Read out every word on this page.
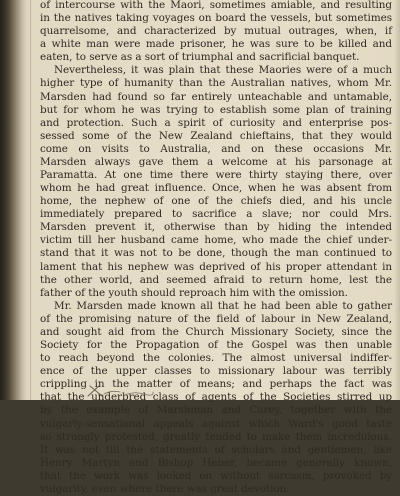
of intercourse with the Maori, sometimes amiable, and resulting
in the natives taking voyages on board the vessels, but sometimes
quarrelsome, and characterized by mutual outrages, when, if
a white man were made prisoner, he was sure to be killed and
eaten, to serve as a sort of triumphal and sacrificial banquet.
Nevertheless, it was plain that these Maories were of a much
higher type of humanity than the Australian natives, whom Mr.
Marsden had found so far entirely unteachable and untamable,
but for whom he was trying to establish some plan of training
and protection. Such a spirit of curiosity and enterprise pos-
sessed some of the New Zealand chieftains, that they would
come on visits to Australia, and on these occasions Mr.
Marsden always gave them a welcome at his parsonage at
Paramatta. At one time there were thirty staying there, over
whom he had great influence. Once, when he was absent from
home, the nephew of one of the chiefs died, and his uncle
immediately prepared to sacrifice a slave; nor could Mrs.
Marsden prevent it, otherwise than by hiding the intended
victim till her husband came home, who made the chief under-
stand that it was not to be done, though the man continued to
lament that his nephew was deprived of his proper attendant in
the other world, and seemed afraid to return home, lest the
father of the youth should reproach him with the omission.
Mr. Marsden made known all that he had been able to gather
of the promising nature of the field of labour in New Zealand,
and sought aid from the Church Missionary Society, since the
Society for the Propagation of the Gospel was then unable
to reach beyond the colonies. The almost universal indiffer-
ence of the upper classes to missionary labour was terribly
crippling in the matter of means; and perhaps the fact was
that the underbred class of agents of the Societies stirred up
by the example of Marshman and Carey, together with the
vulgarly-sensational appeals against which Ward's good taste
so strongly protested, greatly tended to make them incredulous.
It was not till the statements of scholars and gentlemen, like
Henry Martyn and Bishop Heber, became generally known,
that the work was looked on without sarcasm, provoked by
vulgarity, even where there was great devotion.
